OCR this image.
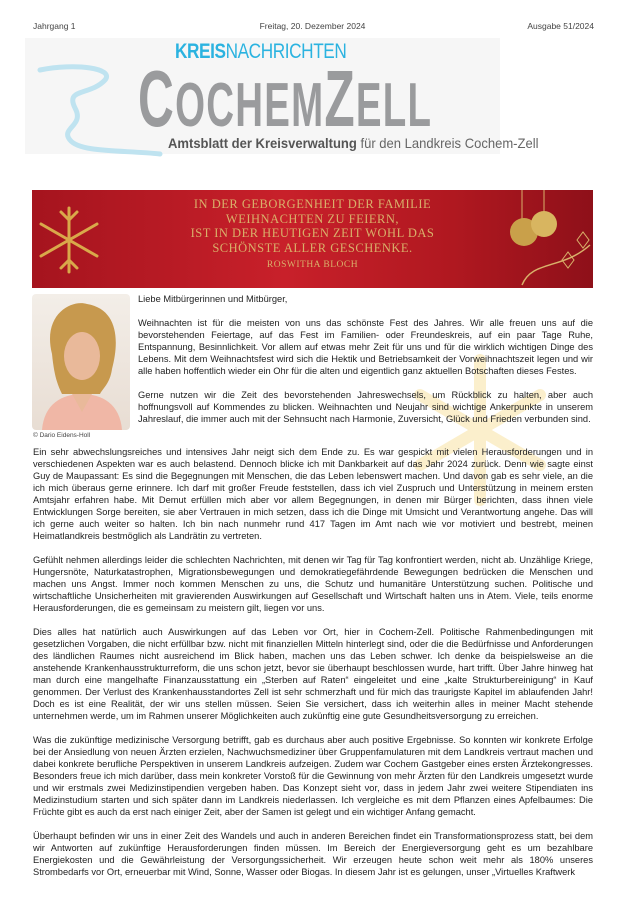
Jahrgang 1	Freitag, 20. Dezember 2024	Ausgabe 51/2024
KREISNACHRICHTEN
COCHEMZELL
Amtsblatt der Kreisverwaltung für den Landkreis Cochem-Zell
IN DER GEBORGENHEIT DER FAMILIE
WEIHNACHTEN ZU FEIERN,
IST IN DER HEUTIGEN ZEIT WOHL DAS
SCHÖNSTE ALLER GESCHENKE.
ROSWITHA BLOCH
© Dario Eidens-Holl

Liebe Mitbürgerinnen und Mitbürger,

Weihnachten ist für die meisten von uns das schönste Fest des Jahres. Wir alle freuen uns auf die bevorstehenden Feiertage, auf das Fest im Familien- oder Freundeskreis, auf ein paar Tage Ruhe, Entspannung, Besinnlichkeit. Vor allem auf etwas mehr Zeit für uns und für die wirklich wichtigen Dinge des Lebens. Mit dem Weihnachtsfest wird sich die Hektik und Betriebsamkeit der Vorweihnachtszeit legen und wir alle haben hoffentlich wieder ein Ohr für die alten und eigentlich ganz aktuellen Botschaften dieses Festes.

Gerne nutzen wir die Zeit des bevorstehenden Jahreswechsels, um Rückblick zu halten, aber auch hoffnungsvoll auf Kommendes zu blicken. Weihnachten und Neujahr sind wichtige Ankerpunkte in unserem Jahreslauf, die immer auch mit der Sehnsucht nach Harmonie, Zuversicht, Glück und Frieden verbunden sind.

Ein sehr abwechslungsreiches und intensives Jahr neigt sich dem Ende zu. Es war gespickt mit vielen Herausforderungen und in verschiedenen Aspekten war es auch belastend. Dennoch blicke ich mit Dankbarkeit auf das Jahr 2024 zurück. Denn wie sagte einst Guy de Maupassant: Es sind die Begegnungen mit Menschen, die das Leben lebenswert machen. Und davon gab es sehr viele, an die ich mich überaus gerne erinnere. Ich darf mit großer Freude feststellen, dass ich viel Zuspruch und Unterstützung in meinem ersten Amtsjahr erfahren habe. Mit Demut erfüllen mich aber vor allem Begegnungen, in denen mir Bürger berichten, dass ihnen viele Entwicklungen Sorge bereiten, sie aber Vertrauen in mich setzen, dass ich die Dinge mit Umsicht und Verantwortung angehe. Das will ich gerne auch weiter so halten. Ich bin nach nunmehr rund 417 Tagen im Amt nach wie vor motiviert und bestrebt, meinen Heimatlandkreis bestmöglich als Landrätin zu vertreten.

Gefühlt nehmen allerdings leider die schlechten Nachrichten, mit denen wir Tag für Tag konfrontiert werden, nicht ab. Unzählige Kriege, Hungersnöte, Naturkatastrophen, Migrationsbewegungen und demokratiegefährdende Bewegungen bedrücken die Menschen und machen uns Angst. Immer noch kommen Menschen zu uns, die Schutz und humanitäre Unterstützung suchen. Politische und wirtschaftliche Unsicherheiten mit gravierenden Auswirkungen auf Gesellschaft und Wirtschaft halten uns in Atem. Viele, teils enorme Herausforderungen, die es gemeinsam zu meistern gilt, liegen vor uns.

Dies alles hat natürlich auch Auswirkungen auf das Leben vor Ort, hier in Cochem-Zell. Politische Rahmenbedingungen mit gesetzlichen Vorgaben, die nicht erfüllbar bzw. nicht mit finanziellen Mitteln hinterlegt sind, oder die die Bedürfnisse und Anforderungen des ländlichen Raumes nicht ausreichend im Blick haben, machen uns das Leben schwer. Ich denke da beispielsweise an die anstehende Krankenhausstrukturreform, die uns schon jetzt, bevor sie überhaupt beschlossen wurde, hart trifft. Über Jahre hinweg hat man durch eine mangelhafte Finanzausstattung ein „Sterben auf Raten“ eingeleitet und eine „kalte Strukturbereinigung“ in Kauf genommen. Der Verlust des Krankenhausstandortes Zell ist sehr schmerzhaft und für mich das traurigste Kapitel im ablaufenden Jahr! Doch es ist eine Realität, der wir uns stellen müssen. Seien Sie versichert, dass ich weiterhin alles in meiner Macht stehende unternehmen werde, um im Rahmen unserer Möglichkeiten auch zukünftig eine gute Gesundheitsversorgung zu erreichen.

Was die zukünftige medizinische Versorgung betrifft, gab es durchaus aber auch positive Ergebnisse. So konnten wir konkrete Erfolge bei der Ansiedlung von neuen Ärzten erzielen, Nachwuchsmediziner über Gruppenfamulaturen mit dem Landkreis vertraut machen und dabei konkrete berufliche Perspektiven in unserem Landkreis aufzeigen. Zudem war Cochem Gastgeber eines ersten Ärztekongresses. Besonders freue ich mich darüber, dass mein konkreter Vorstoß für die Gewinnung von mehr Ärzten für den Landkreis umgesetzt wurde und wir erstmals zwei Medizinstipendien vergeben haben. Das Konzept sieht vor, dass in jedem Jahr zwei weitere Stipendiaten ins Medizinstudium starten und sich später dann im Landkreis niederlassen. Ich vergleiche es mit dem Pflanzen eines Apfelbaumes: Die Früchte gibt es auch da erst nach einiger Zeit, aber der Samen ist gelegt und ein wichtiger Anfang gemacht.

Überhaupt befinden wir uns in einer Zeit des Wandels und auch in anderen Bereichen findet ein Transformationsprozess statt, bei dem wir Antworten auf zukünftige Herausforderungen finden müssen. Im Bereich der Energieversorgung geht es um bezahlbare Energiekosten und die Gewährleistung der Versorgungssicherheit. Wir erzeugen heute schon weit mehr als 180% unseres Strombedarfs vor Ort, erneuerbar mit Wind, Sonne, Wasser oder Biogas. In diesem Jahr ist es gelungen, unser „Virtuelles Kraftwerk
